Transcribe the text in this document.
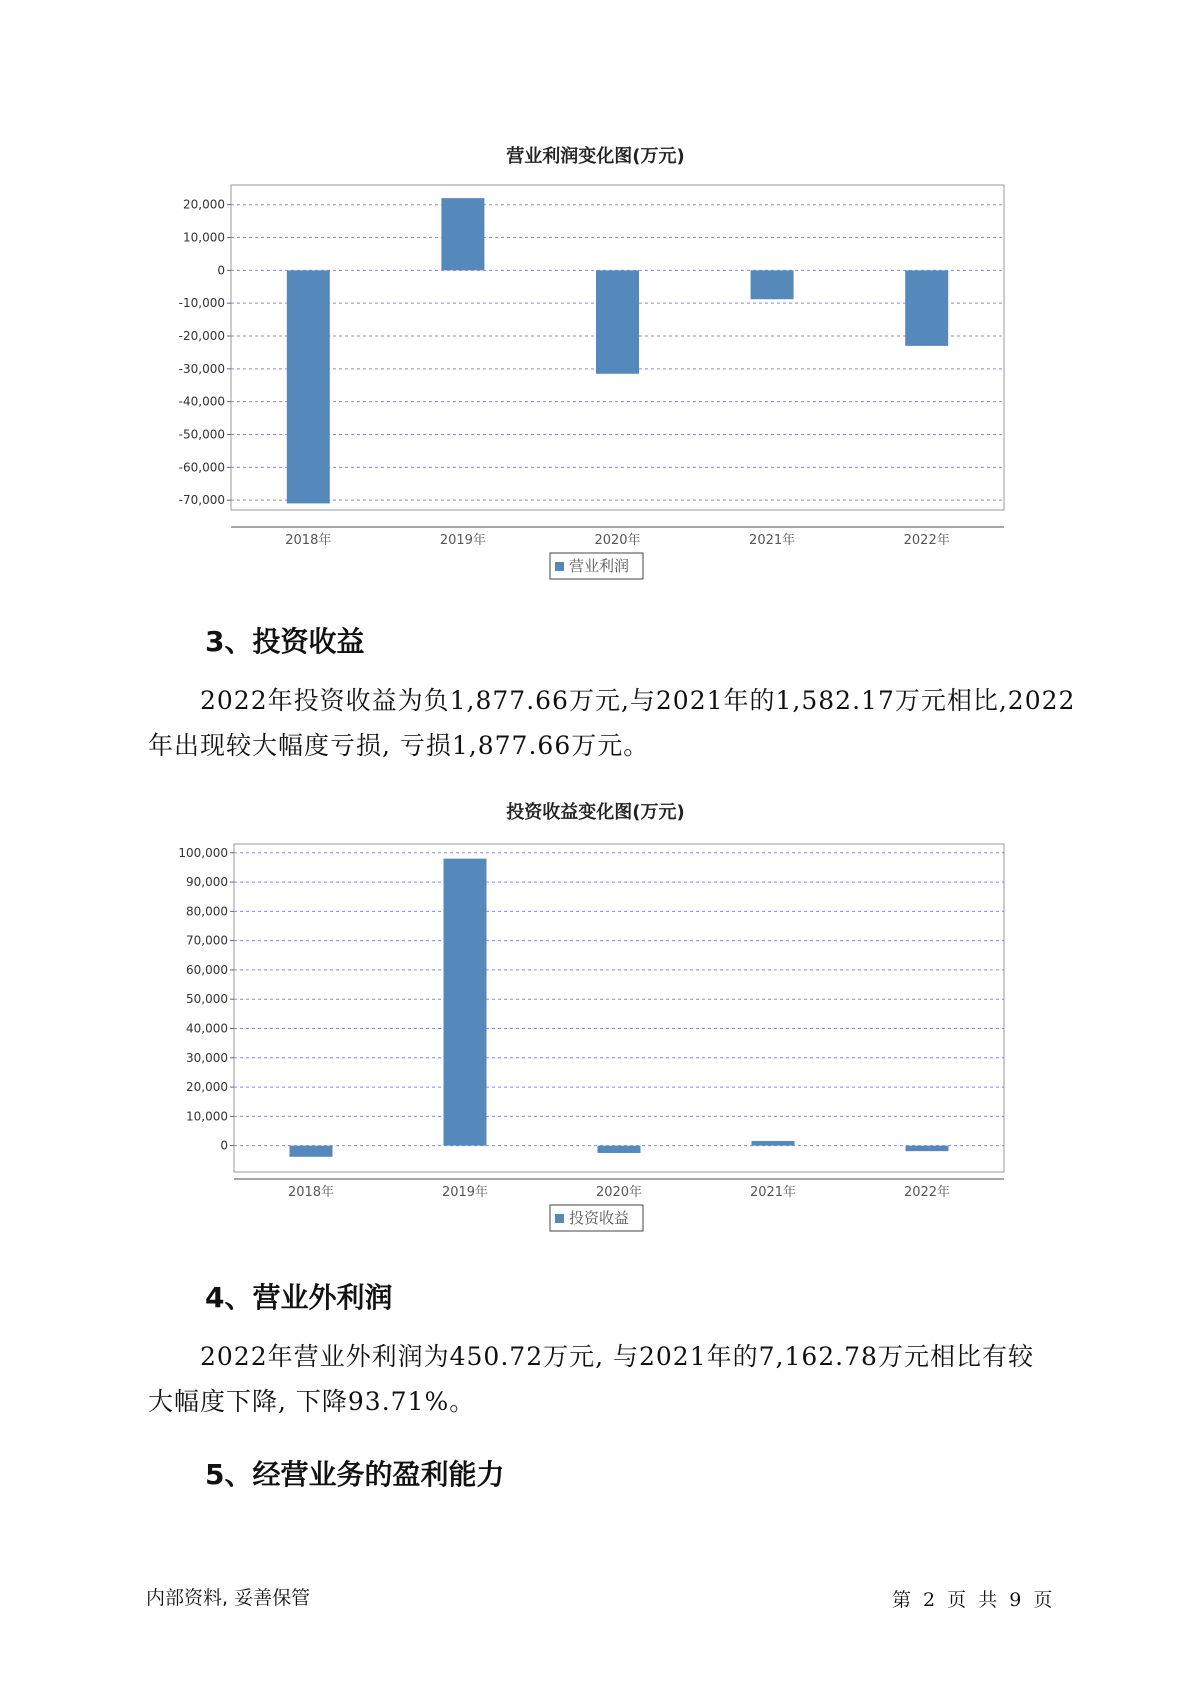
营业利润变化图(万元)
20,000
10,000
0
-10,000
-20,000
-30,000
-40,000
-50,000
-60,000
-70,000
2018年	2019年	2020年	2021年	2022年
营业利润
3、投资收益
2022年投资收益为负1,877.66万元,与2021年的1,582.17万元相比,2022
年出现较大幅度亏损, 亏损1,877.66万元。
投资收益变化图(万元)
100,000
90,000
80,000
70,000
60,000
50,000
40,000
30,000
20,000
10,000
0
2018年	2019年	2020年	2021年	2022年
投资收益
4、营业外利润
2022年营业外利润为450.72万元, 与2021年的7,162.78万元相比有较
大幅度下降, 下降93.71%。
5、经营业务的盈利能力
内部资料, 妥善保管	第 2 页 共 9 页
